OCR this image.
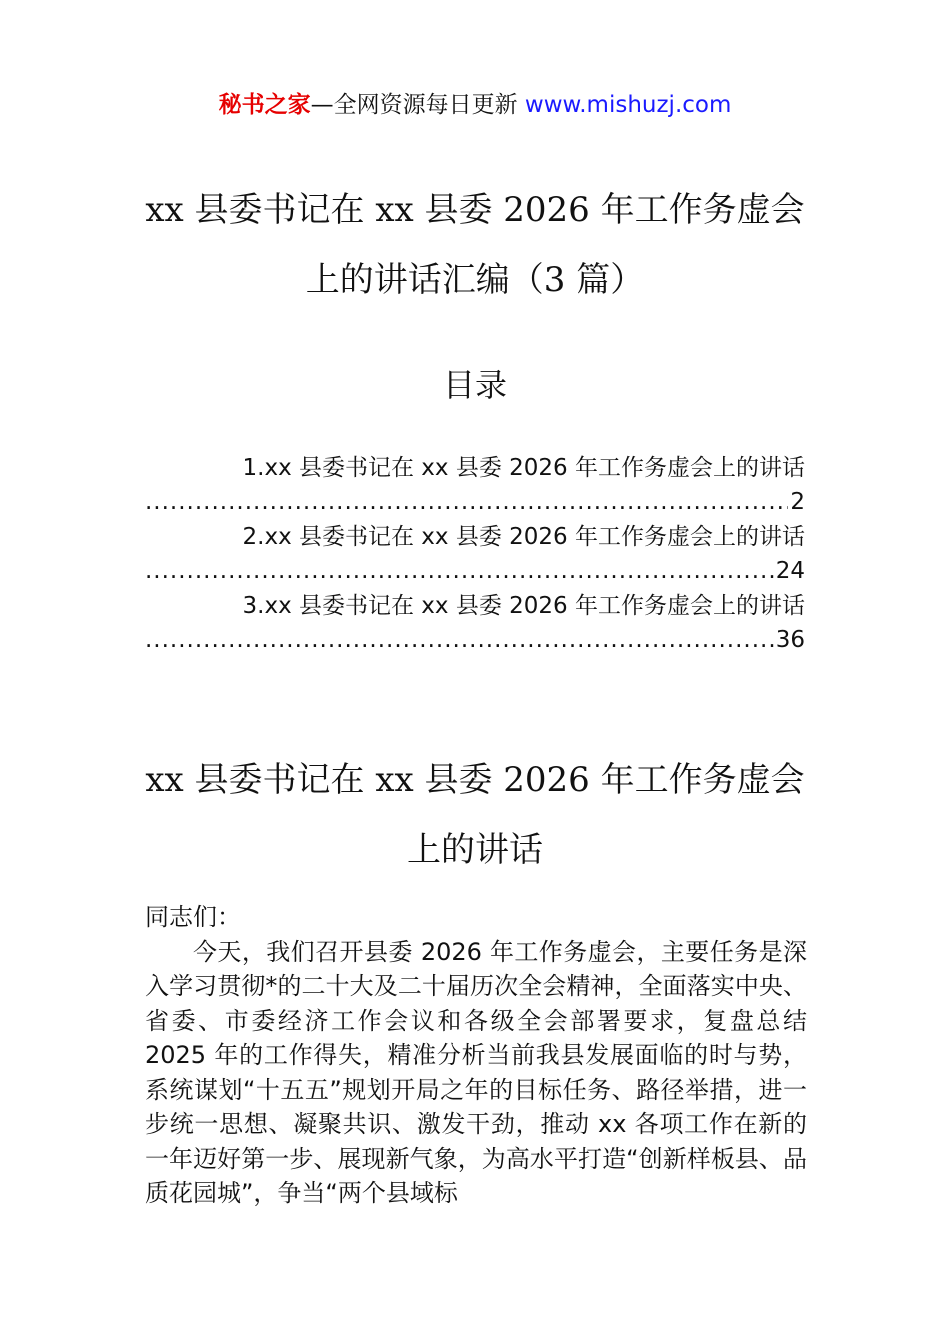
秘书之家—全网资源每日更新 www.mishuzj.com
xx 县委书记在 xx 县委 2026 年工作务虚会
上的讲话汇编（3 篇）
目录
1.xx 县委书记在 xx 县委 2026 年工作务虚会上的讲话
.....
2
2.xx 县委书记在 xx 县委 2026 年工作务虚会上的讲话
.....
24
3.xx 县委书记在 xx 县委 2026 年工作务虚会上的讲话
.....
36
xx 县委书记在 xx 县委 2026 年工作务虚会
上的讲话

同志们：

今天，我们召开县委 2026 年工作务虚会，主要任务是深入学习贯彻*的二十大及二十届历次全会精神，全面落实中央、省委、市委经济工作会议和各级全会部署要求，复盘总结 2025 年的工作得失，精准分析当前我县发展面临的时与势，系统谋划“十五五”规划开局之年的目标任务、路径举措，进一步统一思想、凝聚共识、激发干劲，推动 xx 各项工作在新的一年迈好第一步、展现新气象，为高水平打造“创新样板县、品质花园城”，争当“两个县域标
